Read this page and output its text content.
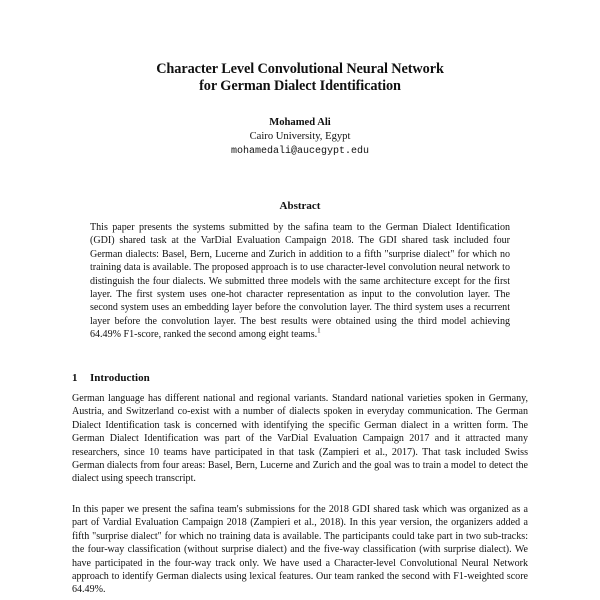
Character Level Convolutional Neural Network
for German Dialect Identification
Mohamed Ali
Cairo University, Egypt
mohamedali@aucegypt.edu
Abstract
This paper presents the systems submitted by the safina team to the German Dialect Identification (GDI) shared task at the VarDial Evaluation Campaign 2018. The GDI shared task included four German dialects: Basel, Bern, Lucerne and Zurich in addition to a fifth "surprise dialect" for which no training data is available. The proposed approach is to use character-level convolution neural network to distinguish the four dialects. We submitted three models with the same architecture except for the first layer. The first system uses one-hot character representation as input to the convolution layer. The second system uses an embedding layer before the convolution layer. The third system uses a recurrent layer before the convolution layer. The best results were obtained using the third model achieving 64.49% F1-score, ranked the second among eight teams.$^1$
1 Introduction
German language has different national and regional variants. Standard national varieties spoken in Germany, Austria, and Switzerland co-exist with a number of dialects spoken in everyday communication. The German Dialect Identification task is concerned with identifying the specific German dialect in a written form. The German Dialect Identification was part of the VarDial Evaluation Campaign 2017 and it attracted many researchers, since 10 teams have participated in that task (Zampieri et al., 2017). That task included Swiss German dialects from four areas: Basel, Bern, Lucerne and Zurich and the goal was to train a model to detect the dialect using speech transcript.
In this paper we present the safina team's submissions for the 2018 GDI shared task which was organized as a part of Vardial Evaluation Campaign 2018 (Zampieri et al., 2018). In this year version, the organizers added a fifth "surprise dialect" for which no training data is available. The participants could take part in two sub-tracks: the four-way classification (without surprise dialect) and the five-way classification (with surprise dialect). We have participated in the four-way track only. We have used a Character-level Convolutional Neural Network approach to identify German dialects using lexical features. Our team ranked the second with F1-weighted score 64.49%.
